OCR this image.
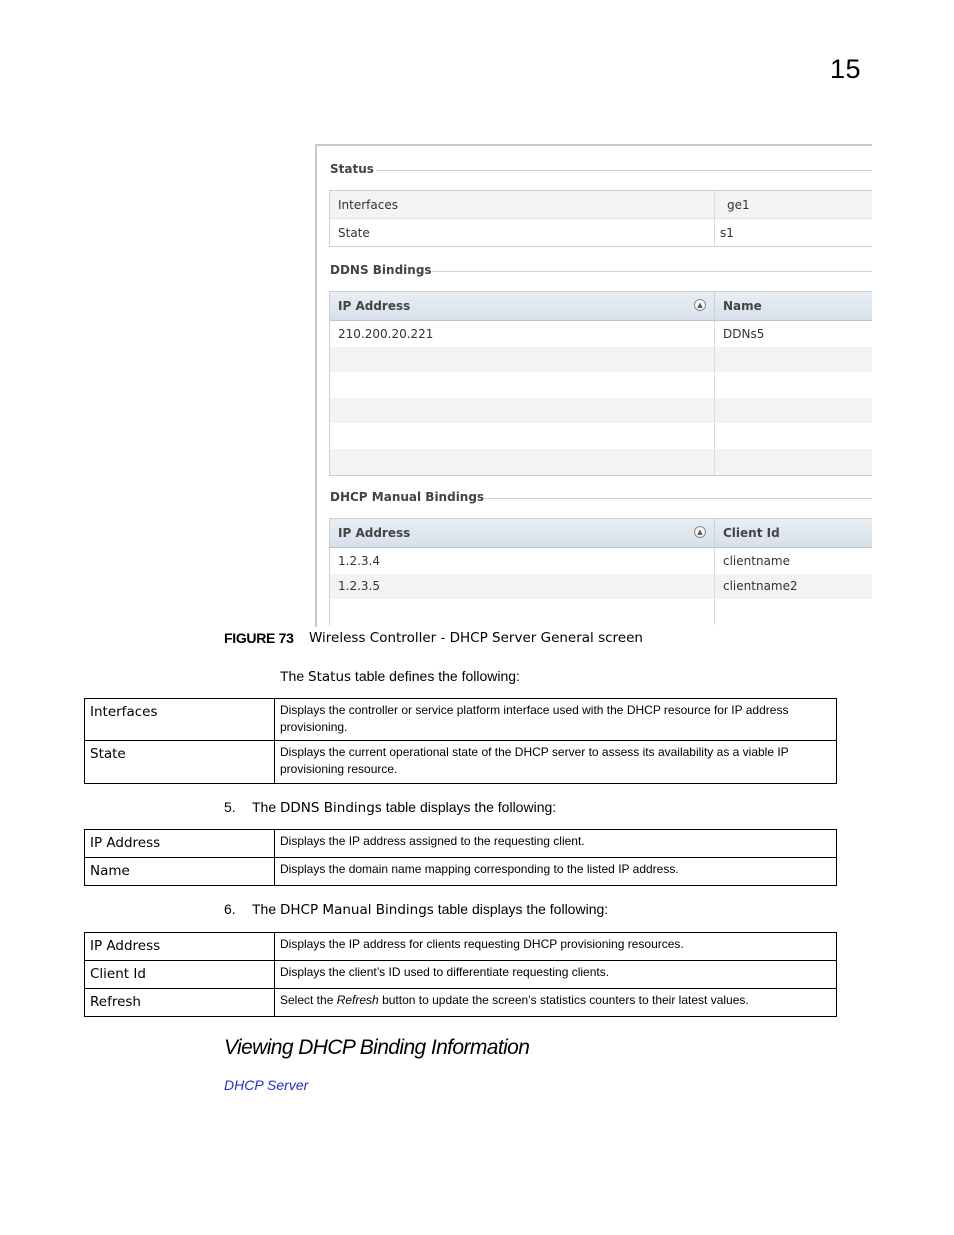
15
Status
Interfaces	ge1
State	s1
DDNS Bindings
IP Address	▲	Name
210.200.20.221	DDNs5
DHCP Manual Bindings
IP Address	▲	Client Id
1.2.3.4	clientname
1.2.3.5	clientname2
FIGURE 73 Wireless Controller - DHCP Server General screen
The Status table defines the following:
Interfaces	Displays the controller or service platform interface used with the DHCP resource for IP address provisioning.
State	Displays the current operational state of the DHCP server to assess its availability as a viable IP provisioning resource.
5. The DDNS Bindings table displays the following:
IP Address	Displays the IP address assigned to the requesting client.
Name	Displays the domain name mapping corresponding to the listed IP address.
6. The DHCP Manual Bindings table displays the following:
IP Address	Displays the IP address for clients requesting DHCP provisioning resources.
Client Id	Displays the client’s ID used to differentiate requesting clients.
Refresh	Select the Refresh button to update the screen’s statistics counters to their latest values.
Viewing DHCP Binding Information
DHCP Server
